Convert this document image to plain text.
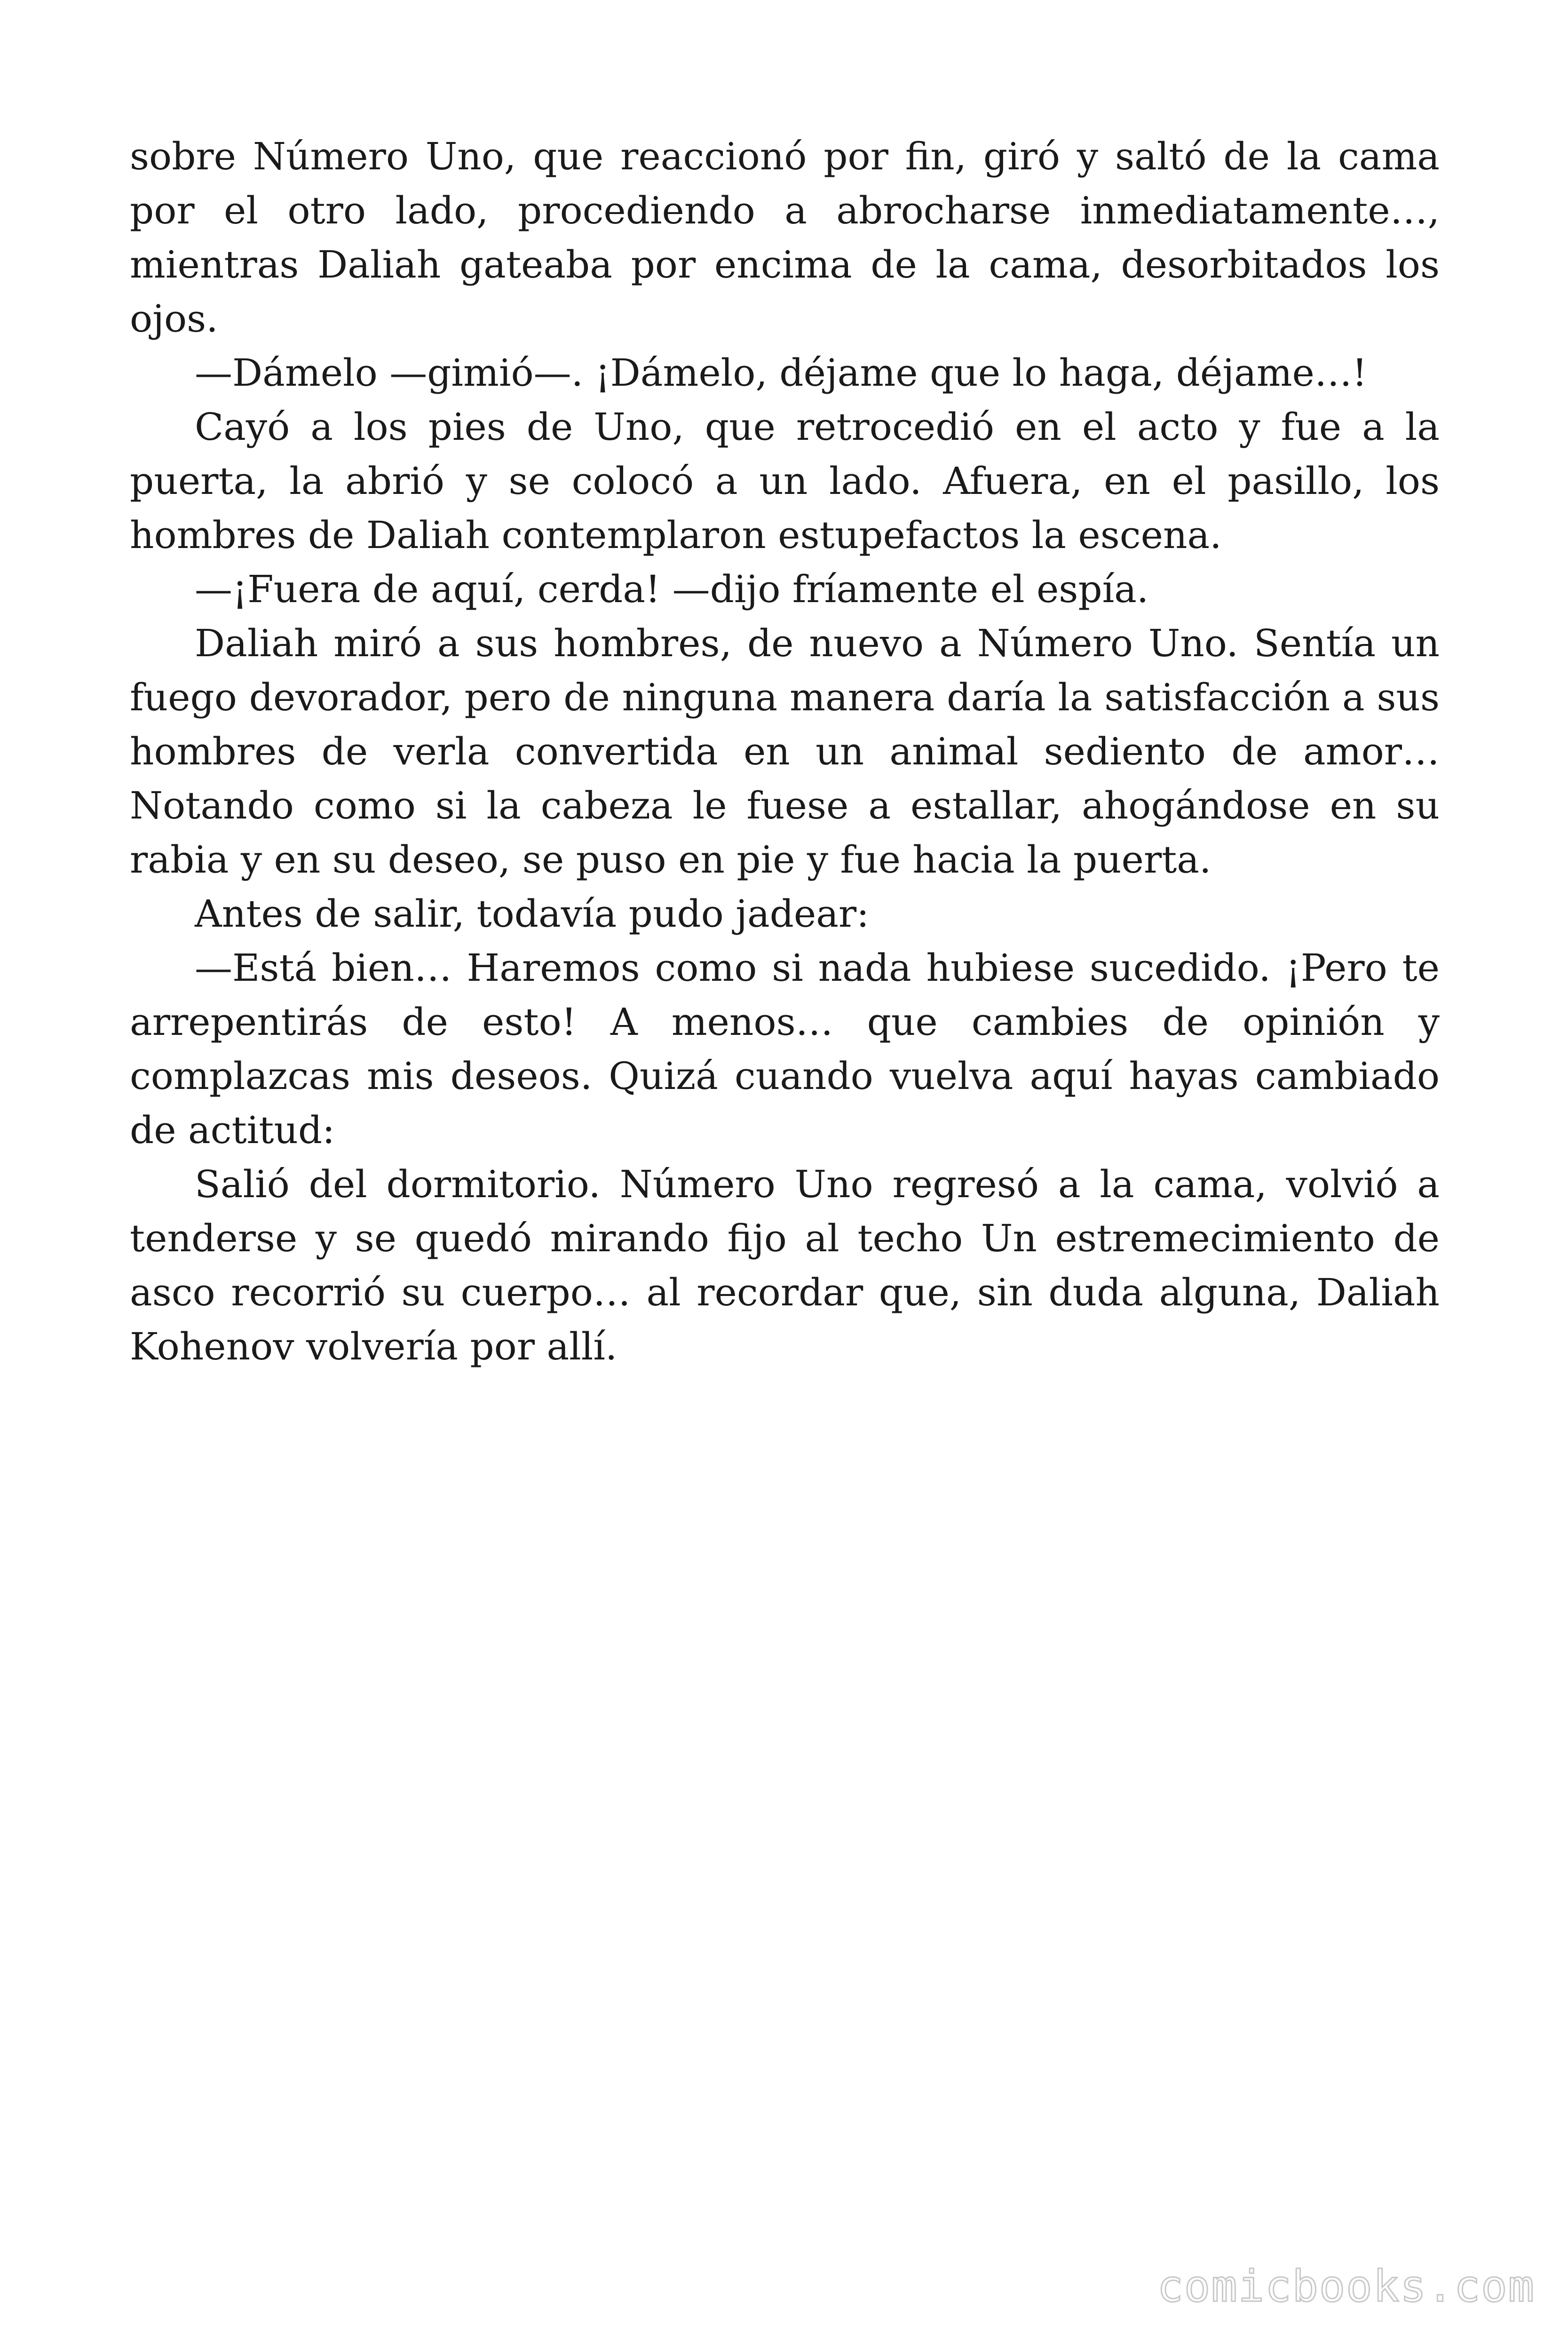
sobre Número Uno, que reaccionó por fin, giró y saltó de la cama por el otro lado, procediendo a abrocharse inmediatamente…, mientras Daliah gateaba por encima de la cama, desorbitados los ojos.

—Dámelo —gimió—. ¡Dámelo, déjame que lo haga, déjame…!

Cayó a los pies de Uno, que retrocedió en el acto y fue a la puerta, la abrió y se colocó a un lado. Afuera, en el pasillo, los hombres de Daliah contemplaron estupefactos la escena.

—¡Fuera de aquí, cerda! —dijo fríamente el espía.

Daliah miró a sus hombres, de nuevo a Número Uno. Sentía un fuego devorador, pero de ninguna manera daría la satisfacción a sus hombres de verla convertida en un animal sediento de amor… Notando como si la cabeza le fuese a estallar, ahogándose en su rabia y en su deseo, se puso en pie y fue hacia la puerta.

Antes de salir, todavía pudo jadear:

—Está bien… Haremos como si nada hubiese sucedido. ¡Pero te arrepentirás de esto! A menos… que cambies de opinión y complazcas mis deseos. Quizá cuando vuelva aquí hayas cambiado de actitud:

Salió del dormitorio. Número Uno regresó a la cama, volvió a tenderse y se quedó mirando fijo al techo Un estremecimiento de asco recorrió su cuerpo… al recordar que, sin duda alguna, Daliah Kohenov volvería por allí.

comicbooks.com
